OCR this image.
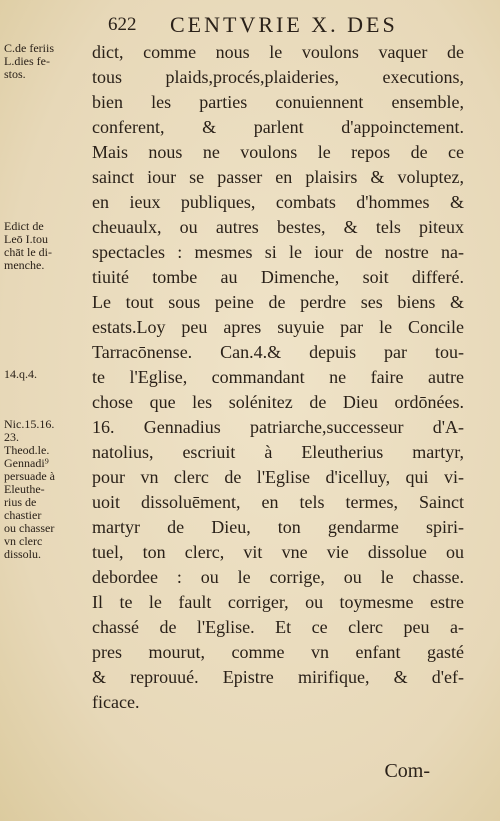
622 CENTVRIE X. DES
C.de feriis
L.dies fe-
stos.
Edict de
Leō I.tou
chāt le di-
menche.
14.q.4.
Nic.15.16.
23.
Theod.le.
Gennadi⁹
persuade à
Eleuthe-
rius de
chastier
ou chasser
vn clerc
dissolu.
dict, comme nous le voulons vaquer de
tous plaids,procés,plaideries, executions,
bien les parties conuiennent ensemble,
conferent, & parlent d'appoinctement.
Mais nous ne voulons le repos de ce
sainct iour se passer en plaisirs & voluptez,
en ieux publiques, combats d'hommes &
cheuaulx, ou autres bestes, & tels piteux
spectacles : mesmes si le iour de nostre na-
tiuité tombe au Dimenche, soit differé.
Le tout sous peine de perdre ses biens &
estats.Loy peu apres suyuie par le Concile
Tarracōnense. Can.4.& depuis par tou-
te l'Eglise, commandant ne faire autre
chose que les solénitez de Dieu ordōnées.
16. Gennadius patriarche,successeur d'A-
natolius, escriuit à Eleutherius martyr,
pour vn clerc de l'Eglise d'icelluy, qui vi-
uoit dissoluēment, en tels termes, Sainct
martyr de Dieu, ton gendarme spiri-
tuel, ton clerc, vit vne vie dissolue ou
debordee : ou le corrige, ou le chasse.
Il te le fault corriger, ou toymesme estre
chassé de l'Eglise. Et ce clerc peu a-
pres mourut, comme vn enfant gasté
& reprouué. Epistre mirifique, & d'ef-
ficace.
Com-
